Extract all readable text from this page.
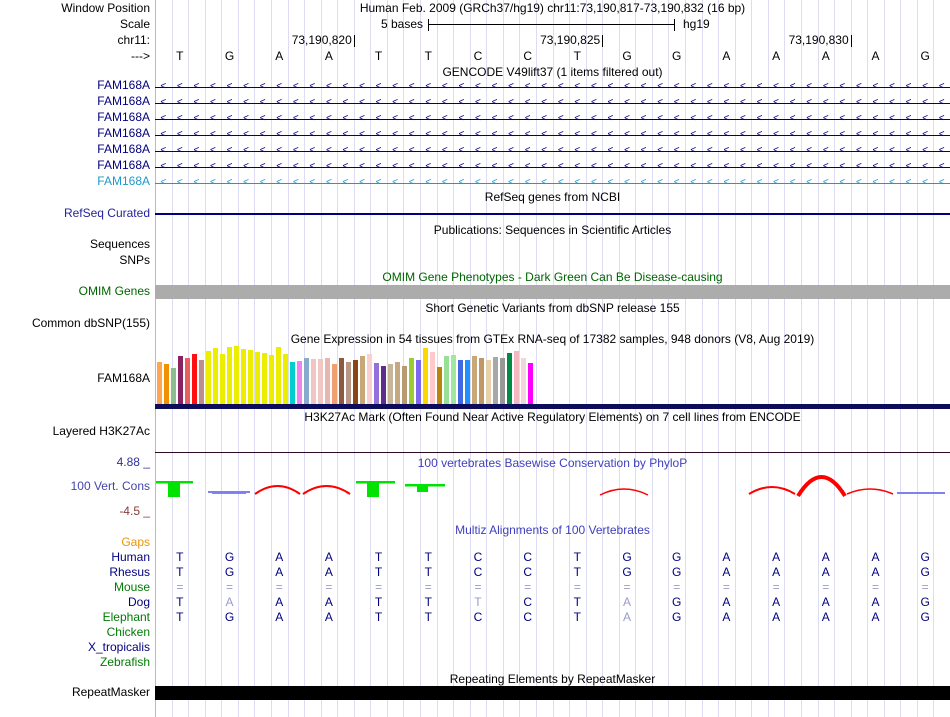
Human Feb. 2009 (GRCh37/hg19) chr11:73,190,817-73,190,832 (16 bp)
Window Position
Scale	5 bases	hg19
chr11:
--->
GENCODE V49lift37 (1 items filtered out)
RefSeq genes from NCBI
RefSeq Curated
Publications: Sequences in Scientific Articles
Sequences
SNPs
OMIM Gene Phenotypes - Dark Green Can Be Disease-causing
OMIM Genes
Short Genetic Variants from dbSNP release 155
Common dbSNP(155)
Gene Expression in 54 tissues from GTEx RNA-seq of 17382 samples, 948 donors (V8, Aug 2019)
FAM168A
H3K27Ac Mark (Often Found Near Active Regulatory Elements) on 7 cell lines from ENCODE
Layered H3K27Ac
4.88 _	100 vertebrates Basewise Conservation by PhyloP
100 Vert. Cons
-4.5 _
Multiz Alignments of 100 Vertebrates
Repeating Elements by RepeatMasker
RepeatMasker
73,190,820	73,190,825	73,190,830
T	G	A	A	T	T	C	C	T	G	G	A	A	A	A	G
FAM168A	<	<	<	<	<	<	<	<	<	<	<	<	<	<	<	<	<	<	<	<	<	<	<	<	<	<	<	<	<	<	<	<	<	<	<	<	<	<	<	<	<	<	<	<	<	<	<	<
FAM168A	<	<	<	<	<	<	<	<	<	<	<	<	<	<	<	<	<	<	<	<	<	<	<	<	<	<	<	<	<	<	<	<	<	<	<	<	<	<	<	<	<	<	<	<	<	<	<	<
FAM168A	<	<	<	<	<	<	<	<	<	<	<	<	<	<	<	<	<	<	<	<	<	<	<	<	<	<	<	<	<	<	<	<	<	<	<	<	<	<	<	<	<	<	<	<	<	<	<	<
FAM168A	<	<	<	<	<	<	<	<	<	<	<	<	<	<	<	<	<	<	<	<	<	<	<	<	<	<	<	<	<	<	<	<	<	<	<	<	<	<	<	<	<	<	<	<	<	<	<	<
FAM168A	<	<	<	<	<	<	<	<	<	<	<	<	<	<	<	<	<	<	<	<	<	<	<	<	<	<	<	<	<	<	<	<	<	<	<	<	<	<	<	<	<	<	<	<	<	<	<	<
FAM168A	<	<	<	<	<	<	<	<	<	<	<	<	<	<	<	<	<	<	<	<	<	<	<	<	<	<	<	<	<	<	<	<	<	<	<	<	<	<	<	<	<	<	<	<	<	<	<	<
FAM168A	<	<	<	<	<	<	<	<	<	<	<	<	<	<	<	<	<	<	<	<	<	<	<	<	<	<	<	<	<	<	<	<	<	<	<	<	<	<	<	<	<	<	<	<	<	<	<	<
Gaps
Human	T	G	A	A	T	T	C	C	T	G	G	A	A	A	A	G
Rhesus	T	G	A	A	T	T	C	C	T	G	G	A	A	A	A	G
Mouse	=	=	=	=	=	=	=	=	=	=	=	=	=	=	=	=
Dog	T	A	A	A	T	T	T	C	T	A	G	A	A	A	A	G
Elephant	T	G	A	A	T	T	C	C	T	A	G	A	A	A	A	G
Chicken
X_tropicalis
Zebrafish
